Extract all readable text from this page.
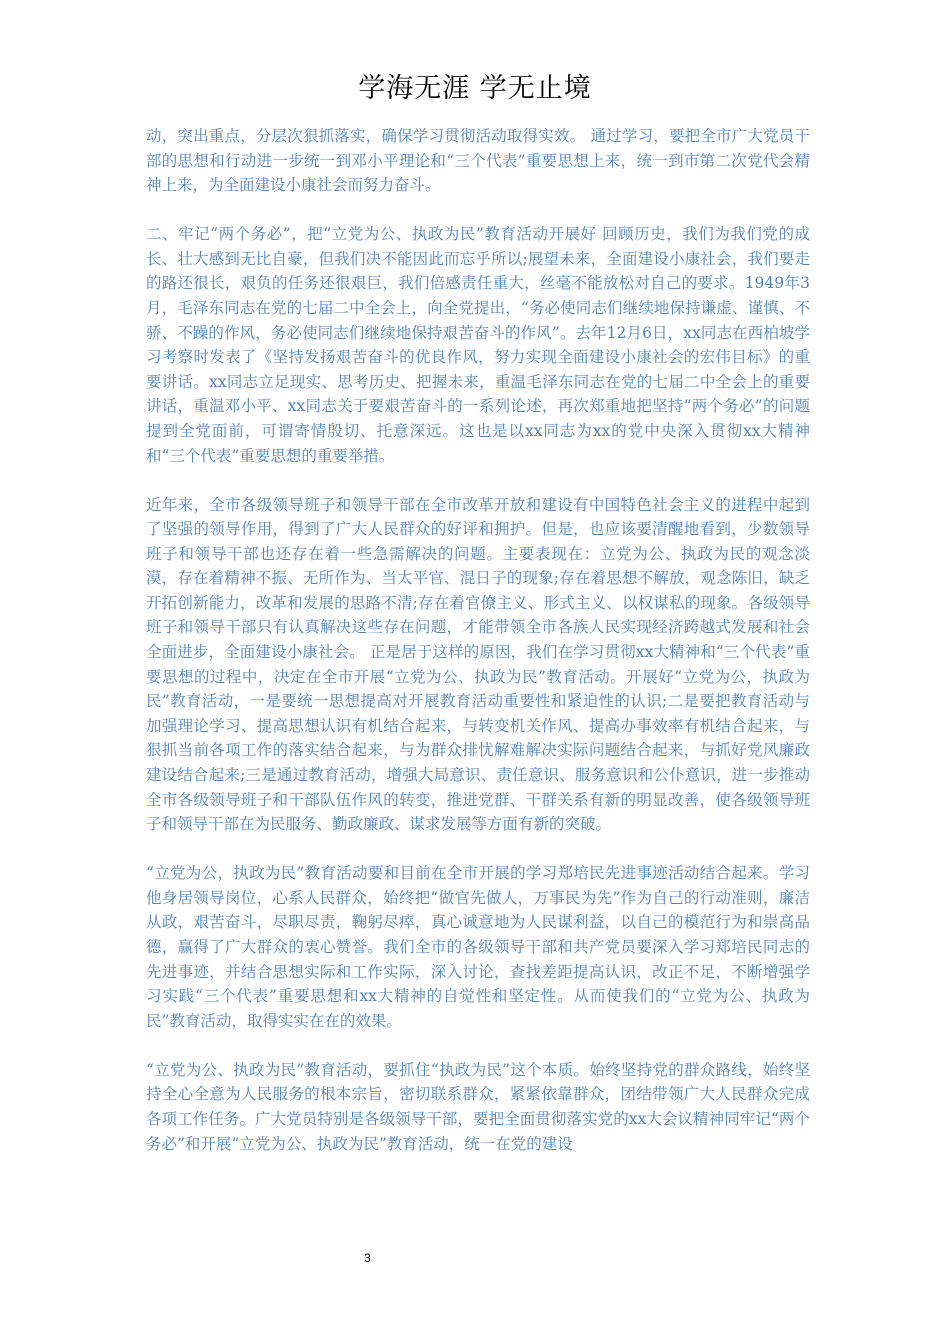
学海无涯 学无止境

动，突出重点，分层次狠抓落实，确保学习贯彻活动取得实效。 通过学习，要把全市广大党员干部的思想和行动进一步统一到邓小平理论和“三个代表”重要思想上来，统一到市第二次党代会精神上来，为全面建设小康社会而努力奋斗。

二、牢记“两个务必”，把“立党为公、执政为民”教育活动开展好 回顾历史，我们为我们党的成长、壮大感到无比自豪，但我们决不能因此而忘乎所以;展望未来，全面建设小康社会，我们要走的路还很长，艰负的任务还很艰巨，我们倍感责任重大，丝毫不能放松对自己的要求。1949年3月，毛泽东同志在党的七届二中全会上，向全党提出，“务必使同志们继续地保持谦虚、谨慎、不骄、不躁的作风，务必使同志们继续地保持艰苦奋斗的作风”。去年12月6日，xx同志在西柏坡学习考察时发表了《坚持发扬艰苦奋斗的优良作风，努力实现全面建设小康社会的宏伟目标》的重要讲话。xx同志立足现实、思考历史、把握未来，重温毛泽东同志在党的七届二中全会上的重要讲话，重温邓小平、xx同志关于要艰苦奋斗的一系列论述，再次郑重地把坚持“两个务必”的问题提到全党面前，可谓寄情殷切、托意深远。这也是以xx同志为xx的党中央深入贯彻xx大精神和“三个代表”重要思想的重要举措。

近年来，全市各级领导班子和领导干部在全市改革开放和建设有中国特色社会主义的进程中起到了坚强的领导作用，得到了广大人民群众的好评和拥护。但是，也应该要清醒地看到，少数领导班子和领导干部也还存在着一些急需解决的问题。主要表现在：立党为公、执政为民的观念淡漠，存在着精神不振、无所作为、当太平官、混日子的现象;存在着思想不解放，观念陈旧，缺乏开拓创新能力，改革和发展的思路不清;存在着官僚主义、形式主义、以权谋私的现象。各级领导班子和领导干部只有认真解决这些存在问题，才能带领全市各族人民实现经济跨越式发展和社会全面进步，全面建设小康社会。 正是居于这样的原因，我们在学习贯彻xx大精神和“三个代表”重要思想的过程中，决定在全市开展“立党为公、执政为民”教育活动。开展好“立党为公，执政为民”教育活动，一是要统一思想提高对开展教育活动重要性和紧迫性的认识;二是要把教育活动与加强理论学习、提高思想认识有机结合起来，与转变机关作风、提高办事效率有机结合起来，与狠抓当前各项工作的落实结合起来，与为群众排忧解难解决实际问题结合起来，与抓好党风廉政建设结合起来;三是通过教育活动，增强大局意识、责任意识、服务意识和公仆意识，进一步推动全市各级领导班子和干部队伍作风的转变，推进党群、干群关系有新的明显改善，使各级领导班子和领导干部在为民服务、勤政廉政、谋求发展等方面有新的突破。

“立党为公，执政为民”教育活动要和目前在全市开展的学习郑培民先进事迹活动结合起来。学习他身居领导岗位，心系人民群众，始终把“做官先做人，万事民为先”作为自己的行动准则，廉洁从政，艰苦奋斗，尽职尽责，鞠躬尽瘁，真心诚意地为人民谋利益，以自己的模范行为和崇高品德，赢得了广大群众的衷心赞誉。我们全市的各级领导干部和共产党员要深入学习郑培民同志的先进事迹，并结合思想实际和工作实际，深入讨论，查找差距提高认识，改正不足，不断增强学习实践“三个代表”重要思想和xx大精神的自觉性和坚定性。从而使我们的“立党为公、执政为民”教育活动，取得实实在在的效果。

“立党为公、执政为民”教育活动，要抓住“执政为民”这个本质。始终坚持党的群众路线，始终坚持全心全意为人民服务的根本宗旨，密切联系群众，紧紧依靠群众，团结带领广大人民群众完成各项工作任务。广大党员特别是各级领导干部，要把全面贯彻落实党的xx大会议精神同牢记“两个务必”和开展“立党为公、执政为民”教育活动，统一在党的建设

3
